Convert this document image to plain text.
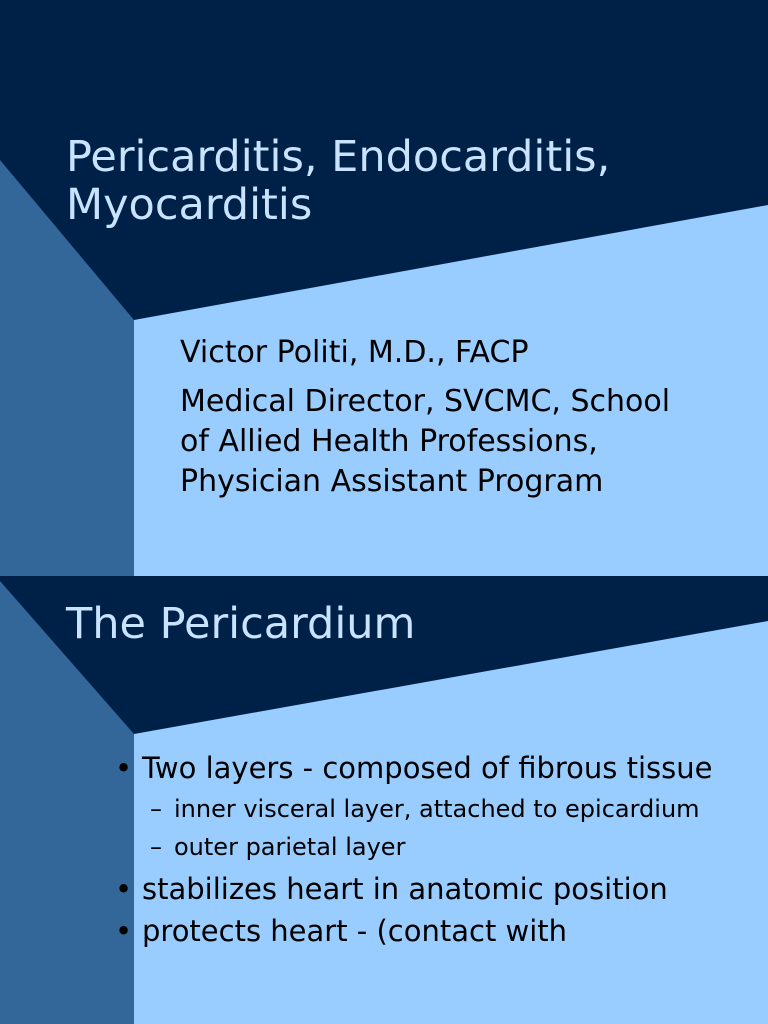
Pericarditis, Endocarditis,
Myocarditis

Victor Politi, M.D., FACP

Medical Director, SVCMC, School of Allied Health Professions, Physician Assistant Program

The Pericardium
• Two layers - composed of fibrous tissue
– inner visceral layer, attached to epicardium
– outer parietal layer
• stabilizes heart in anatomic position
• protects heart - (contact with
